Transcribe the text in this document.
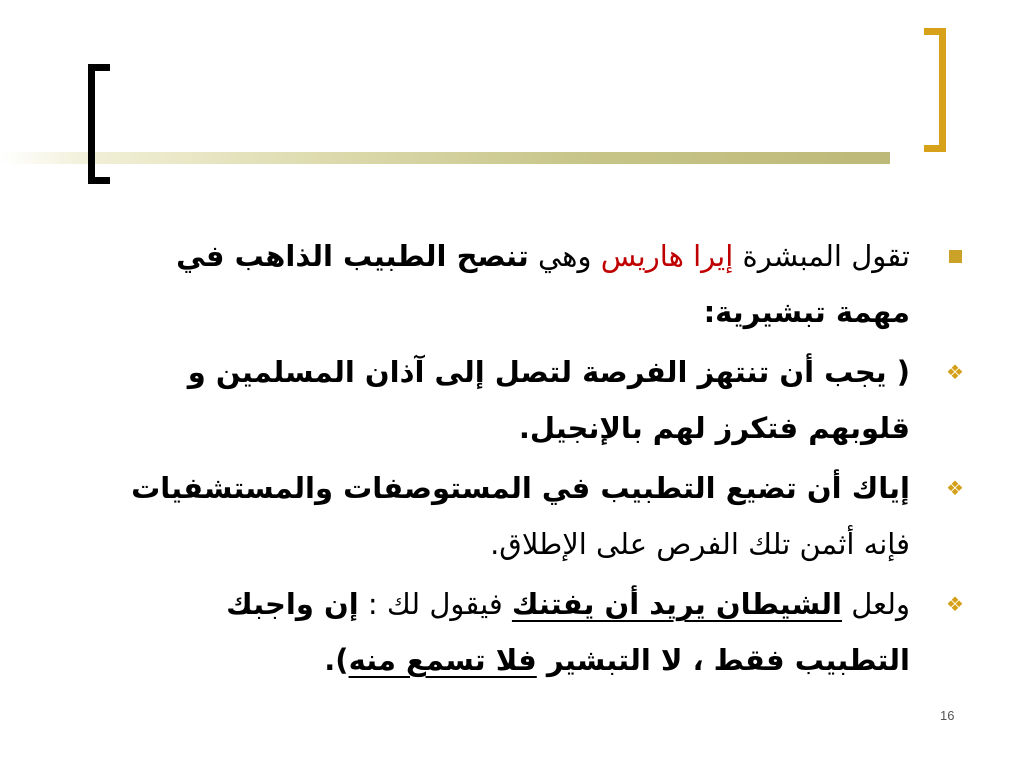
تقول المبشرة إيرا هاريس وهي تنصح الطبيب الذاهب في مهمة تبشيرية:
❖
( يجب أن تنتهز الفرصة لتصل إلى آذان المسلمين و قلوبهم فتكرز لهم بالإنجيل.
❖
إياك أن تضيع التطبيب في المستوصفات والمستشفيات فإنه أثمن تلك الفرص على الإطلاق.
❖
ولعل الشيطان يريد أن يفتنك فيقول لك : إن واجبك التطبيب فقط ، لا التبشير فلا تسمع منه).
16
